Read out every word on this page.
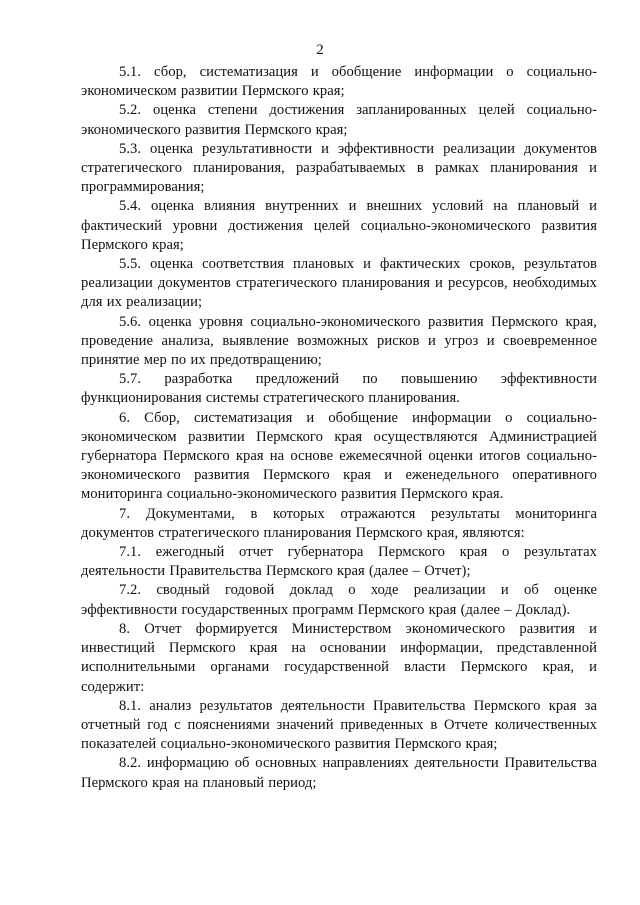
2

5.1. сбор, систематизация и обобщение информации о социально-экономическом развитии Пермского края;

5.2. оценка степени достижения запланированных целей социально-экономического развития Пермского края;

5.3. оценка результативности и эффективности реализации документов стратегического планирования, разрабатываемых в рамках планирования и программирования;

5.4. оценка влияния внутренних и внешних условий на плановый и фактический уровни достижения целей социально-экономического развития Пермского края;

5.5. оценка соответствия плановых и фактических сроков, результатов реализации документов стратегического планирования и ресурсов, необходимых для их реализации;

5.6. оценка уровня социально-экономического развития Пермского края, проведение анализа, выявление возможных рисков и угроз и своевременное принятие мер по их предотвращению;

5.7. разработка предложений по повышению эффективности функционирования системы стратегического планирования.

6. Сбор, систематизация и обобщение информации о социально-экономическом развитии Пермского края осуществляются Администрацией губернатора Пермского края на основе ежемесячной оценки итогов социально-экономического развития Пермского края и еженедельного оперативного мониторинга социально-экономического развития Пермского края.

7. Документами, в которых отражаются результаты мониторинга документов стратегического планирования Пермского края, являются:

7.1. ежегодный отчет губернатора Пермского края о результатах деятельности Правительства Пермского края (далее – Отчет);

7.2. сводный годовой доклад о ходе реализации и об оценке эффективности государственных программ Пермского края (далее – Доклад).

8. Отчет формируется Министерством экономического развития и инвестиций Пермского края на основании информации, представленной исполнительными органами государственной власти Пермского края, и содержит:

8.1. анализ результатов деятельности Правительства Пермского края за отчетный год с пояснениями значений приведенных в Отчете количественных показателей социально-экономического развития Пермского края;

8.2. информацию об основных направлениях деятельности Правительства Пермского края на плановый период;
